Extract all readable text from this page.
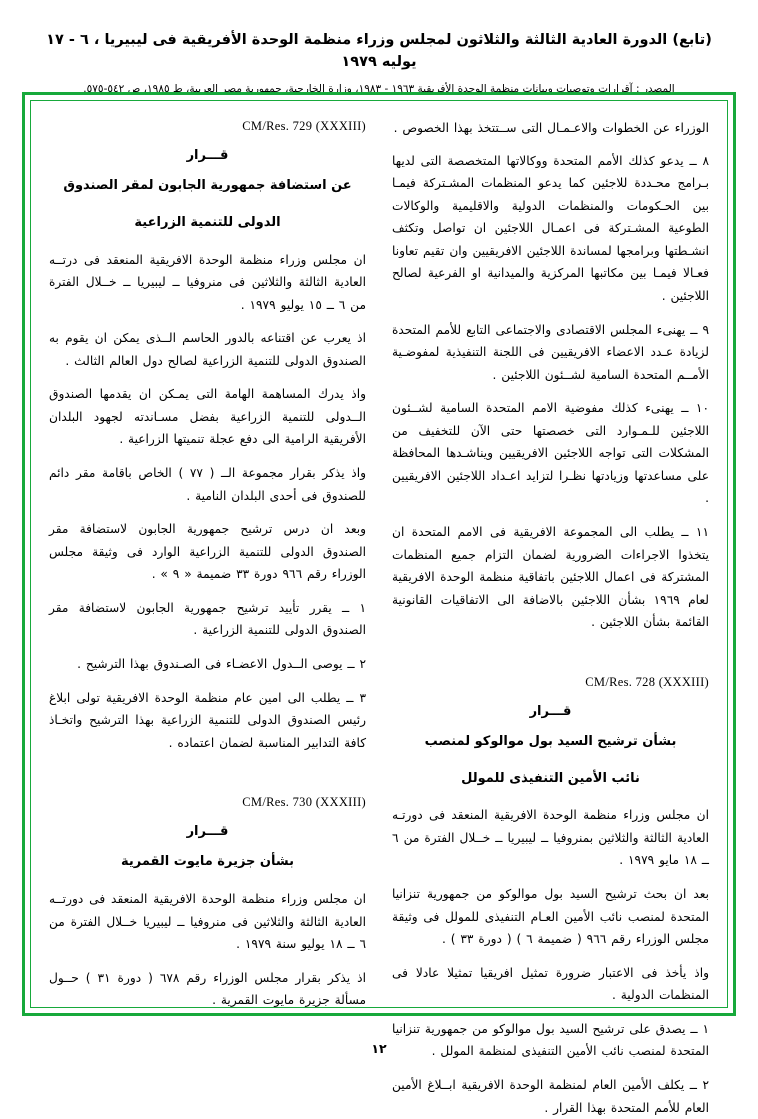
(تابع) الدورة العادية الثالثة والثلاثون لمجلس وزراء منظمة الوحدة الأفريقية فى ليبيريا ، ٦ - ١٧ يوليه ١٩٧٩
المصدر : آقرارات وتوصيات وبيانات منظمة الوحدة الأفريقية ١٩٦٣ - ١٩٨٣، وزارة الخارجية، جمهورية مصر العربية، ط ١٩٨٥، ص ٥٤٢-٥٧٥.
الوزراء عن الخطوات والاعـمـال التى ســتتخذ بهذا الخصوص .
٨ ــ يدعو كذلك الأمم المتحدة ووكالاتها المتخصصة التى لديها بـرامج محـددة للاجئين كما يدعو المنظمات المشـتركة فيمـا بين الحـكومات والمنظمات الدولية والاقليمية والوكالات الطوعية المشـتركة فى اعمـال اللاجئين ان تواصل وتكثف انشـطتها وبرامجها لمساندة اللاجئين الافريقيين وان تقيم تعاونا فعـالا فيمـا بين مكاتبها المركزية والميدانية او الفرعية لصالح اللاجئين .
٩ ــ يهنىء المجلس الاقتصادى والاجتماعى التابع للأمم المتحدة لزيادة عـدد الاعضاء الافريقيين فى اللجنة التنفيذية لمفوضـية الأمــم المتحدة السامية لشــئون اللاجئين .
١٠ ــ يهنىء كذلك مفوضية الامم المتحدة السامية لشــئون اللاجئين للـمـوارد التى خصصتها حتى الآن للتخفيف من المشكلات التى تواجه اللاجئين الافريقيين ويناشـدها المحافظة على مساعدتها وزيادتها نظـرا لتزايد اعـداد اللاجئين الافريقيين .
١١ ــ يطلب الى المجموعة الافريقية فى الامم المتحدة ان يتخذوا الاجراءات الضرورية لضمان التزام جميع المنظمات المشتركة فى اعمال اللاجئين باتفاقية منظمة الوحدة الافريقية لعام ١٩٦٩ بشأن اللاجئين بالاضافة الى الاتفاقيات القانونية القائمة بشأن اللاجئين .
CM/Res. 728 (XXXIII)
قـــرار
بشأن ترشيح السيد بول موالوكو لمنصب
نائب الأمين التنفيذى للمولل
ان مجلس وزراء منظمة الوحدة الافريقية المنعقد فى دورتـه العادية الثالثة والثلاثين بمنروفيا ــ ليبيريا ــ خــلال الفترة من ٦ ــ ١٨ مايو ١٩٧٩ .
بعد ان بحث ترشيح السيد بول موالوكو من جمهورية تنزانيا المتحدة لمنصب نائب الأمين العـام التنفيذى للمولل فى وثيقة مجلس الوزراء رقم ٩٦٦ ( ضميمة ٦ ) ( دورة ٣٣ ) .
واذ يأخذ فى الاعتبار ضرورة تمثيل افريقيا تمثيلا عادلا فى المنظمات الدولية .
١ ــ يصدق على ترشيح السيد بول موالوكو من جمهورية تنزانيا المتحدة لمنصب نائب الأمين التنفيذى لمنظمة المولل .
٢ ــ يكلف الأمين العام لمنظمة الوحدة الافريقية ابــلاغ الأمين العام للأمم المتحدة بهذا القرار .
CM/Res. 729 (XXXIII)
قـــرار
عن استضافة جمهورية الجابون لمقر الصندوق
الدولى للتنمية الزراعية
ان مجلس وزراء منظمة الوحدة الافريقية المنعقد فى درتــه العادية الثالثة والثلاثين فى منروفيا ــ ليبيريا ــ خــلال الفترة من ٦ ــ ١٥ يوليو ١٩٧٩ .
اذ يعرب عن اقتناعه بالدور الحاسم الــذى يمكن ان يقوم به الصندوق الدولى للتنمية الزراعية لصالح دول العالم الثالث .
واذ يدرك المساهمة الهامة التى يمـكن ان يقدمها الصندوق الــدولى للتنمية الزراعية بفضل مسـاندته لجهود البلدان الأفريقية الرامية الى دفع عجلة تنميتها الزراعية .
واذ يذكر بقرار مجموعة الــ ( ٧٧ ) الخاص باقامة مقر دائم للصندوق فى أحدى البلدان النامية .
وبعد ان درس ترشيح جمهورية الجابون لاستضافة مقر الصندوق الدولى للتنمية الزراعية الوارد فى وثيقة مجلس الوزراء رقم ٩٦٦ دورة ٣٣ ضميمة « ٩ » .
١ ــ يقرر تأييد ترشيح جمهورية الجابون لاستضافة مقر الصندوق الدولى للتنمية الزراعية .
٢ ــ يوصى الــدول الاعضـاء فى الصـندوق بهذا الترشيح .
٣ ــ يطلب الى امين عام منظمة الوحدة الافريقية تولى ابلاغ رئيس الصندوق الدولى للتنمية الزراعية بهذا الترشيح واتخـاذ كافة التدابير المناسبة لضمان اعتماده .
CM/Res. 730 (XXXIII)
قـــرار
بشأن جزيرة مايوت القمرية
ان مجلس وزراء منظمة الوحدة الافريقية المنعقد فى دورتــه العادية الثالثة والثلاثين فى منروفيا ــ ليبيريا خــلال الفترة من ٦ ــ ١٨ يوليو سنة ١٩٧٩ .
اذ يذكر بقرار مجلس الوزراء رقم ٦٧٨ ( دورة ٣١ ) حــول مسألة جزيرة مايوت القمرية .
١٢
